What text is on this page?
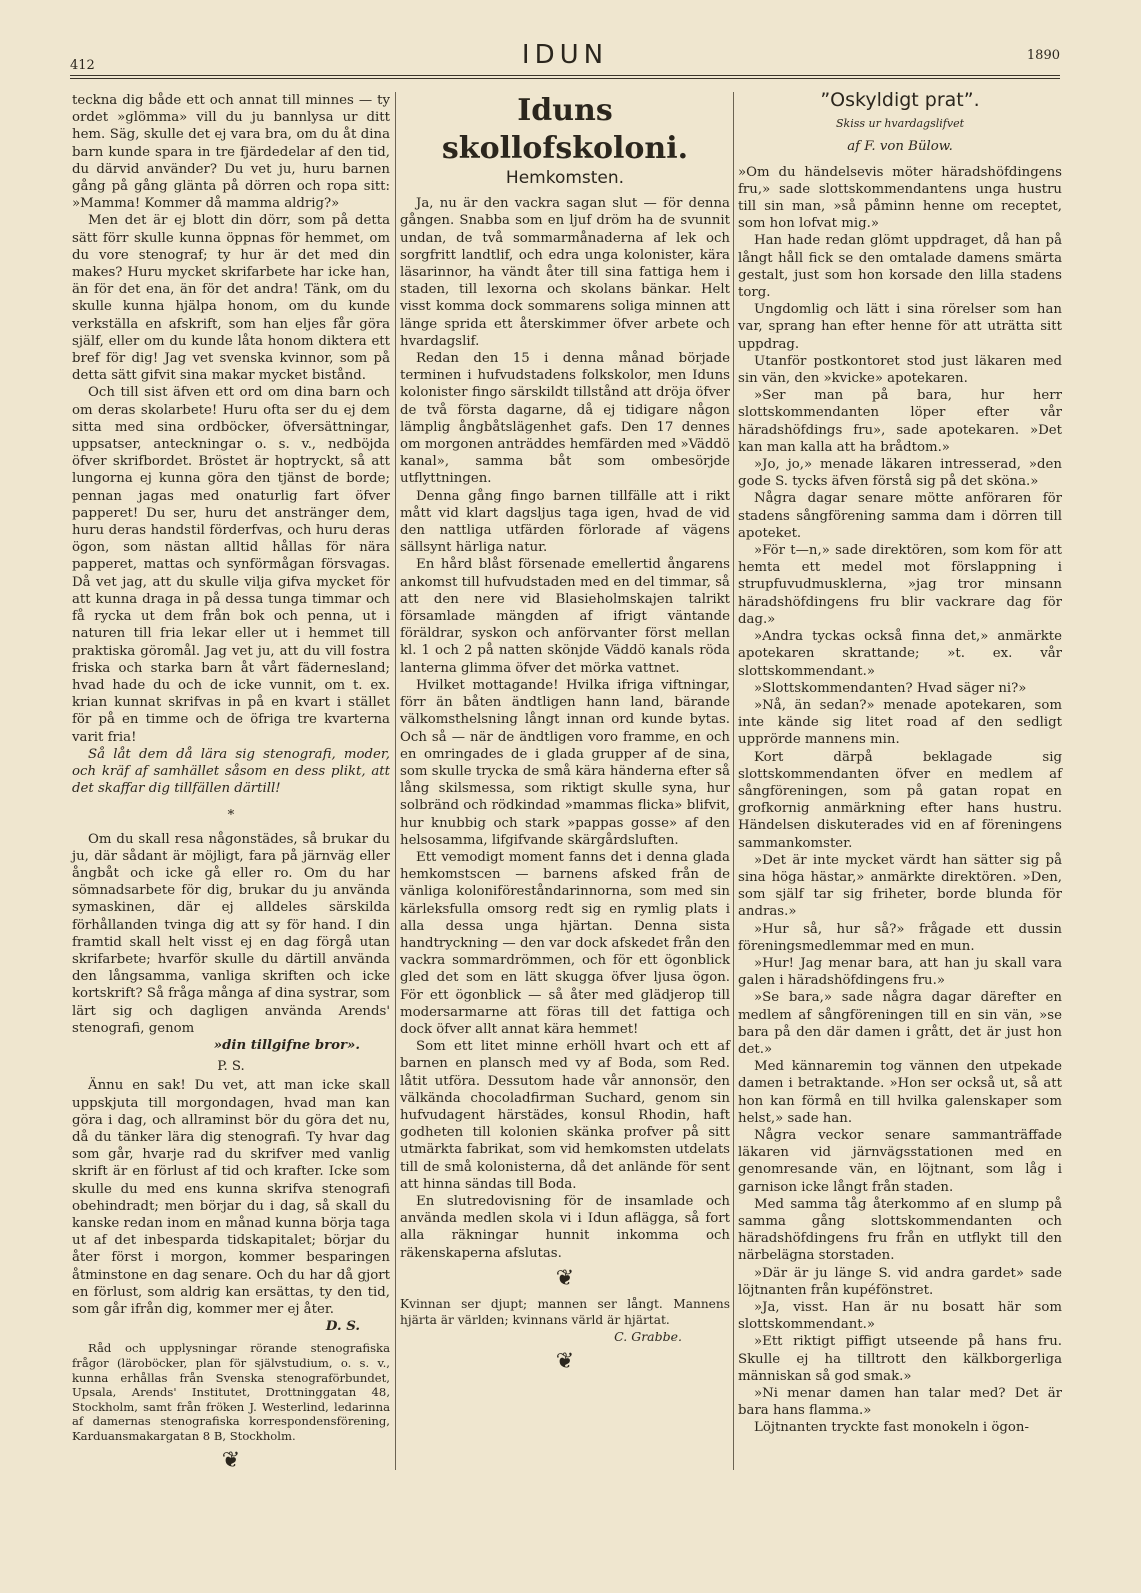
412	IDUN	1890

teckna dig både ett och annat till minnes — ty ordet »glömma» vill du ju bannlysa ur ditt hem. Säg, skulle det ej vara bra, om du åt dina barn kunde spara in tre fjärdedelar af den tid, du därvid använder? Du vet ju, huru barnen gång på gång glänta på dörren och ropa sitt: »Mamma! Kommer då mamma aldrig?»

Men det är ej blott din dörr, som på detta sätt förr skulle kunna öppnas för hemmet, om du vore stenograf; ty hur är det med din makes? Huru mycket skrifarbete har icke han, än för det ena, än för det andra! Tänk, om du skulle kunna hjälpa honom, om du kunde verkställa en afskrift, som han eljes får göra själf, eller om du kunde låta honom diktera ett bref för dig! Jag vet svenska kvinnor, som på detta sätt gifvit sina makar mycket bistånd.

Och till sist äfven ett ord om dina barn och om deras skolarbete! Huru ofta ser du ej dem sitta med sina ordböcker, öfversättningar, uppsatser, anteckningar o. s. v., nedböjda öfver skrifbordet. Bröstet är hoptryckt, så att lungorna ej kunna göra den tjänst de borde; pennan jagas med onaturlig fart öfver papperet! Du ser, huru det anstränger dem, huru deras handstil förderfvas, och huru deras ögon, som nästan alltid hållas för nära papperet, mattas och synförmågan försvagas. Då vet jag, att du skulle vilja gifva mycket för att kunna draga in på dessa tunga timmar och få rycka ut dem från bok och penna, ut i naturen till fria lekar eller ut i hemmet till praktiska göromål. Jag vet ju, att du vill fostra friska och starka barn åt vårt fädernesland; hvad hade du och de icke vunnit, om t. ex. krian kunnat skrifvas in på en kvart i stället för på en timme och de öfriga tre kvarterna varit fria!

Så låt dem då lära sig stenografi, moder, och kräf af samhället såsom en dess plikt, att det skaffar dig tillfällen därtill!

*

Om du skall resa någonstädes, så brukar du ju, där sådant är möjligt, fara på järnväg eller ångbåt och icke gå eller ro. Om du har sömnadsarbete för dig, brukar du ju använda symaskinen, där ej alldeles särskilda förhållanden tvinga dig att sy för hand. I din framtid skall helt visst ej en dag förgå utan skrifarbete; hvarför skulle du därtill använda den långsamma, vanliga skriften och icke kortskrift? Så fråga många af dina systrar, som lärt sig och dagligen använda Arends' stenografi, genom

»din tillgifne bror».
P. S.

Ännu en sak! Du vet, att man icke skall uppskjuta till morgondagen, hvad man kan göra i dag, och allraminst bör du göra det nu, då du tänker lära dig stenografi. Ty hvar dag som går, hvarje rad du skrifver med vanlig skrift är en förlust af tid och krafter. Icke som skulle du med ens kunna skrifva stenografi obehindradt; men börjar du i dag, så skall du kanske redan inom en månad kunna börja taga ut af det inbesparda tidskapitalet; börjar du åter först i morgon, kommer besparingen åtminstone en dag senare. Och du har då gjort en förlust, som aldrig kan ersättas, ty den tid, som går ifrån dig, kommer mer ej åter.

D. S.

Råd och upplysningar rörande stenografiska frågor (läroböcker, plan för självstudium, o. s. v., kunna erhållas från Svenska stenograförbundet, Upsala, Arends' Institutet, Drottninggatan 48, Stockholm, samt från fröken J. Westerlind, ledarinna af damernas stenografiska korrespondensförening, Karduansmakargatan 8 B, Stockholm.

❦
Iduns skollofskoloni.
Hemkomsten.

Ja, nu är den vackra sagan slut — för denna gången. Snabba som en ljuf dröm ha de svunnit undan, de två sommarmånaderna af lek och sorgfritt landtlif, och edra unga kolonister, kära läsarinnor, ha vändt åter till sina fattiga hem i staden, till lexorna och skolans bänkar. Helt visst komma dock sommarens soliga minnen att länge sprida ett återskimmer öfver arbete och hvardagslif.

Redan den 15 i denna månad började terminen i hufvudstadens folkskolor, men Iduns kolonister fingo särskildt tillstånd att dröja öfver de två första dagarne, då ej tidigare någon lämplig ångbåtslägenhet gafs. Den 17 dennes om morgonen anträddes hemfärden med »Väddö kanal», samma båt som ombesörjde utflyttningen.

Denna gång fingo barnen tillfälle att i rikt mått vid klart dagsljus taga igen, hvad de vid den nattliga utfärden förlorade af vägens sällsynt härliga natur.

En hård blåst försenade emellertid ångarens ankomst till hufvudstaden med en del timmar, så att den nere vid Blasieholmskajen talrikt församlade mängden af ifrigt väntande föräldrar, syskon och anförvanter först mellan kl. 1 och 2 på natten skönjde Väddö kanals röda lanterna glimma öfver det mörka vattnet.

Hvilket mottagande! Hvilka ifriga viftningar, förr än båten ändtligen hann land, bärande välkomsthelsning långt innan ord kunde bytas. Och så — när de ändtligen voro framme, en och en omringades de i glada grupper af de sina, som skulle trycka de små kära händerna efter så lång skilsmessa, som riktigt skulle syna, hur solbränd och rödkindad »mammas flicka» blifvit, hur knubbig och stark »pappas gosse» af den helsosamma, lifgifvande skärgårdsluften.

Ett vemodigt moment fanns det i denna glada hemkomstscen — barnens afsked från de vänliga koloniföreståndarinnorna, som med sin kärleksfulla omsorg redt sig en rymlig plats i alla dessa unga hjärtan. Denna sista handtryckning — den var dock afskedet från den vackra sommardrömmen, och för ett ögonblick gled det som en lätt skugga öfver ljusa ögon. För ett ögonblick — så åter med glädjerop till modersarmarne att föras till det fattiga och dock öfver allt annat kära hemmet!

Som ett litet minne erhöll hvart och ett af barnen en plansch med vy af Boda, som Red. låtit utföra. Dessutom hade vår annonsör, den välkända chocoladfirman Suchard, genom sin hufvudagent härstädes, konsul Rhodin, haft godheten till kolonien skänka profver på sitt utmärkta fabrikat, som vid hemkomsten utdelats till de små kolonisterna, då det anlände för sent att hinna sändas till Boda.

En slutredovisning för de insamlade och använda medlen skola vi i Idun aflägga, så fort alla räkningar hunnit inkomma och räkenskaperna afslutas.

❦
Kvinnan ser djupt; mannen ser långt. Mannens hjärta är världen; kvinnans värld är hjärtat.
C. Grabbe.
❦
”Oskyldigt prat”.
Skiss ur hvardagslifvet
af F. von Bülow.

»Om du händelsevis möter häradshöfdingens fru,» sade slottskommendantens unga hustru till sin man, »så påminn henne om receptet, som hon lofvat mig.»

Han hade redan glömt uppdraget, då han på långt håll fick se den omtalade damens smärta gestalt, just som hon korsade den lilla stadens torg.

Ungdomlig och lätt i sina rörelser som han var, sprang han efter henne för att uträtta sitt uppdrag.

Utanför postkontoret stod just läkaren med sin vän, den »kvicke» apotekaren.

»Ser man på bara, hur herr slottskommendanten löper efter vår häradshöfdings fru», sade apotekaren. »Det kan man kalla att ha brådtom.»

»Jo, jo,» menade läkaren intresserad, »den gode S. tycks äfven förstå sig på det sköna.»

Några dagar senare mötte anföraren för stadens sångförening samma dam i dörren till apoteket.

»För t—n,» sade direktören, som kom för att hemta ett medel mot förslappning i strupfuvudmusklerna, »jag tror minsann häradshöfdingens fru blir vackrare dag för dag.»

»Andra tyckas också finna det,» anmärkte apotekaren skrattande; »t. ex. vår slottskommendant.»

»Slottskommendanten? Hvad säger ni?»

»Nå, än sedan?» menade apotekaren, som inte kände sig litet road af den sedligt upprörde mannens min.

Kort därpå beklagade sig slottskommendanten öfver en medlem af sångföreningen, som på gatan ropat en grofkornig anmärkning efter hans hustru. Händelsen diskuterades vid en af föreningens sammankomster.

»Det är inte mycket värdt han sätter sig på sina höga hästar,» anmärkte direktören. »Den, som själf tar sig friheter, borde blunda för andras.»

»Hur så, hur så?» frågade ett dussin föreningsmedlemmar med en mun.

»Hur! Jag menar bara, att han ju skall vara galen i häradshöfdingens fru.»

»Se bara,» sade några dagar därefter en medlem af sångföreningen till en sin vän, »se bara på den där damen i grått, det är just hon det.»

Med kännaremin tog vännen den utpekade damen i betraktande. »Hon ser också ut, så att hon kan förmå en till hvilka galenskaper som helst,» sade han.

Några veckor senare sammanträffade läkaren vid järnvägsstationen med en genomresande vän, en löjtnant, som låg i garnison icke långt från staden.

Med samma tåg återkommo af en slump på samma gång slottskommendanten och häradshöfdingens fru från en utflykt till den närbelägna storstaden.

»Där är ju länge S. vid andra gardet» sade löjtnanten från kupéfönstret.

»Ja, visst. Han är nu bosatt här som slottskommendant.»

»Ett riktigt piffigt utseende på hans fru. Skulle ej ha tilltrott den kälkborgerliga människan så god smak.»

»Ni menar damen han talar med? Det är bara hans flamma.»

Löjtnanten tryckte fast monokeln i ögon-
